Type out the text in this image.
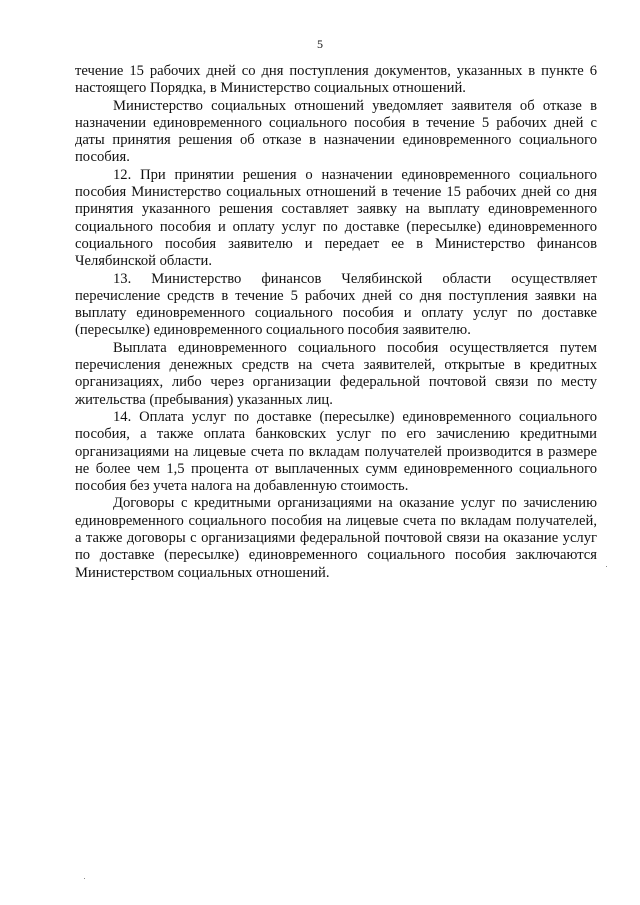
5

течение 15 рабочих дней со дня поступления документов, указанных в пункте 6 настоящего Порядка, в Министерство социальных отношений.

Министерство социальных отношений уведомляет заявителя об отказе в назначении единовременного социального пособия в течение 5 рабочих дней с даты принятия решения об отказе в назначении единовременного социального пособия.

12. При принятии решения о назначении единовременного социального пособия Министерство социальных отношений в течение 15 рабочих дней со дня принятия указанного решения составляет заявку на выплату единовременного социального пособия и оплату услуг по доставке (пересылке) единовременного социального пособия заявителю и передает ее в Министерство финансов Челябинской области.

13. Министерство финансов Челябинской области осуществляет перечисление средств в течение 5 рабочих дней со дня поступления заявки на выплату единовременного социального пособия и оплату услуг по доставке (пересылке) единовременного социального пособия заявителю.

Выплата единовременного социального пособия осуществляется путем перечисления денежных средств на счета заявителей, открытые в кредитных организациях, либо через организации федеральной почтовой связи по месту жительства (пребывания) указанных лиц.

14. Оплата услуг по доставке (пересылке) единовременного социального пособия, а также оплата банковских услуг по его зачислению кредитными организациями на лицевые счета по вкладам получателей производится в размере не более чем 1,5 процента от выплаченных сумм единовременного социального пособия без учета налога на добавленную стоимость.

Договоры с кредитными организациями на оказание услуг по зачислению единовременного социального пособия на лицевые счета по вкладам получателей, а также договоры с организациями федеральной почтовой связи на оказание услуг по доставке (пересылке) единовременного социального пособия заключаются Министерством социальных отношений.
